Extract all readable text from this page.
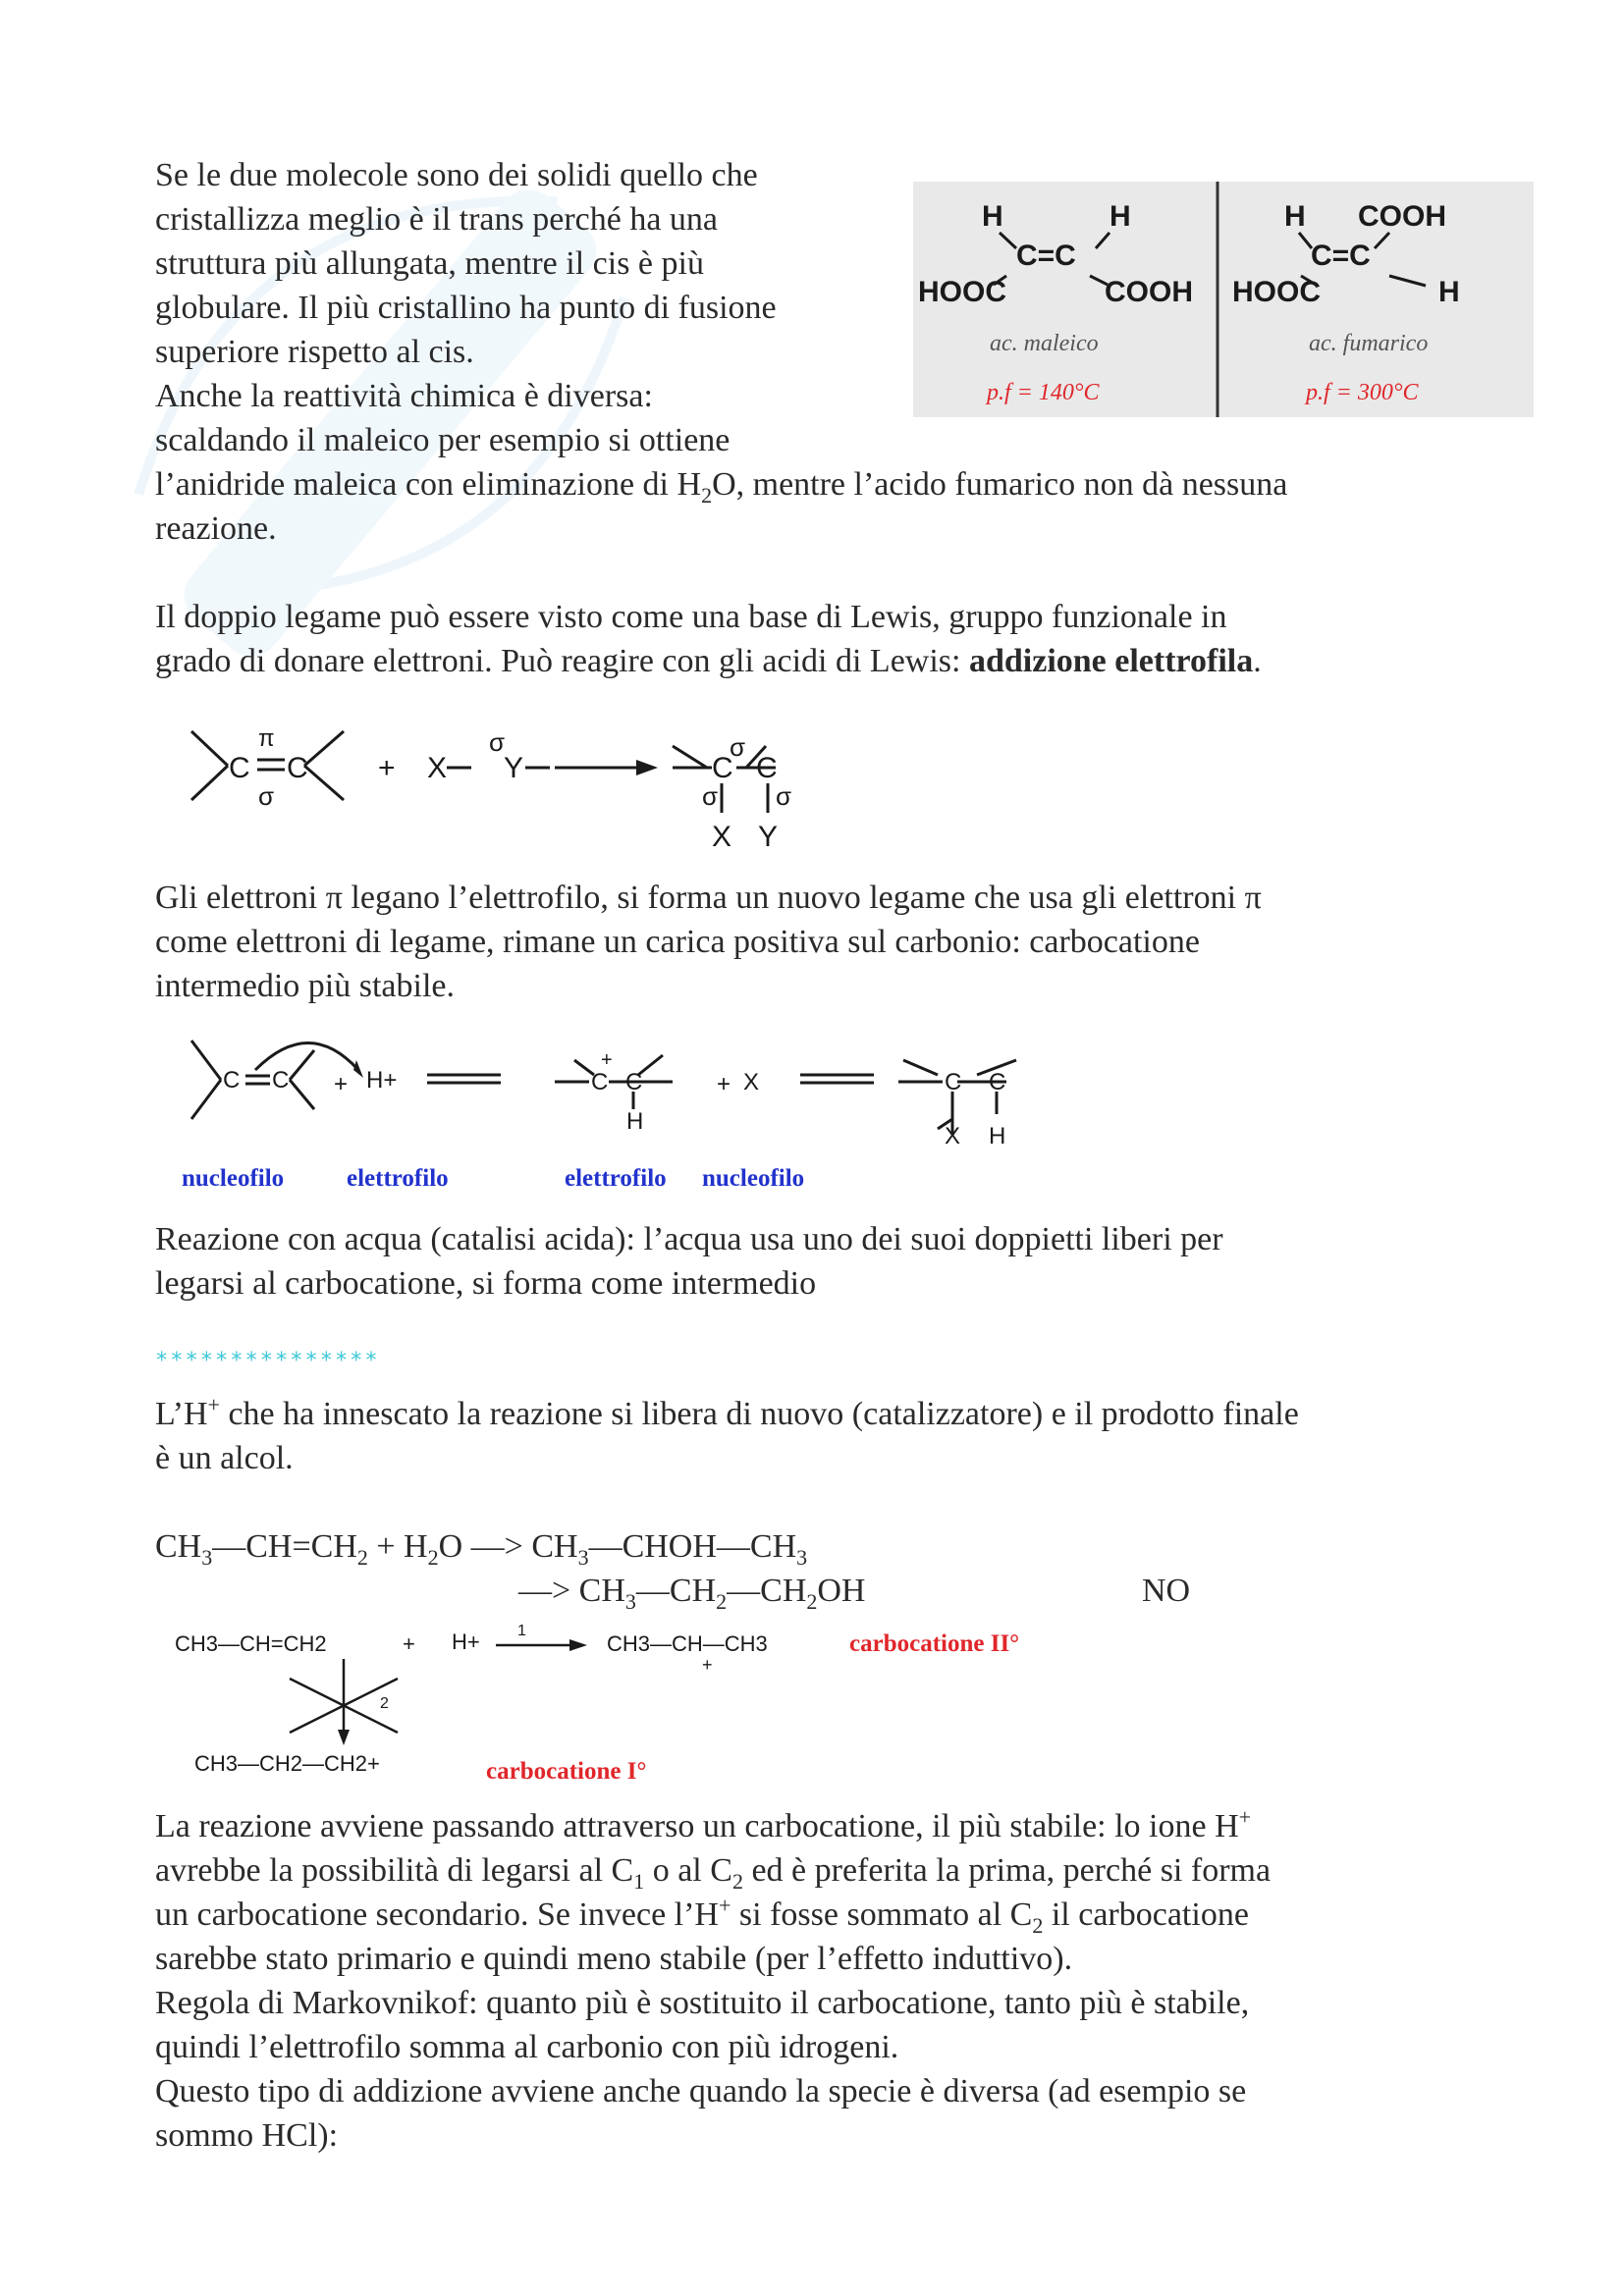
Se le due molecole sono dei solidi quello che

cristallizza meglio è il trans perché ha una

struttura più allungata, mentre il cis è più

globulare. Il più cristallino ha punto di fusione

superiore rispetto al cis.

Anche la reattività chimica è diversa:

scaldando il maleico per esempio si ottiene

l’anidride maleica con eliminazione di $H_2O$, mentre l’acido fumarico non dà nessuna

reazione.

H	H
C=C
HOOC	COOH
H COOH
C=C
HOOC	H
ac. maleico	ac. fumarico
p.f = 140°C	p.f = 300°C

Il doppio legame può essere visto come una base di Lewis, gruppo funzionale in

grado di donare elettroni. Può reagire con gli acidi di Lewis: addizione elettrofila.

C C
π
σ
+ X
σ
Y	C C
σ
σ σ
X Y

Gli elettroni π legano l’elettrofilo, si forma un nuovo legame che usa gli elettroni π

come elettroni di legame, rimane un carica positiva sul carbonio: carbocatione

intermedio più stabile.

C C + H+	C
+
C
H
+ X	C C
X H
nucleofilo	elettrofilo	elettrofilo nucleofilo

Reazione con acqua (catalisi acida): l’acqua usa uno dei suoi doppietti liberi per

legarsi al carbocatione, si forma come intermedio

***************

L’H+ che ha innescato la reazione si libera di nuovo (catalizzatore) e il prodotto finale

è un alcol.

$CH_3—CH=CH_2 + H_2O$ —> $CH_3—CHOH—CH_3$

—> $CH_3—CH_2—CH_2OH$	NO
CH3—CH=CH2	+ H+ 1
CH3—CH—CH3
+
2
CH3—CH2—CH2+
carbocatione II°
carbocatione I°

La reazione avviene passando attraverso un carbocatione, il più stabile: lo ione H+

avrebbe la possibilità di legarsi al $C_1$ o al $C_2$ ed è preferita la prima, perché si forma

un carbocatione secondario. Se invece l’H+ si fosse sommato al $C_2$ il carbocatione

sarebbe stato primario e quindi meno stabile (per l’effetto induttivo).

Regola di Markovnikof: quanto più è sostituito il carbocatione, tanto più è stabile,

quindi l’elettrofilo somma al carbonio con più idrogeni.

Questo tipo di addizione avviene anche quando la specie è diversa (ad esempio se

sommo HCl):
